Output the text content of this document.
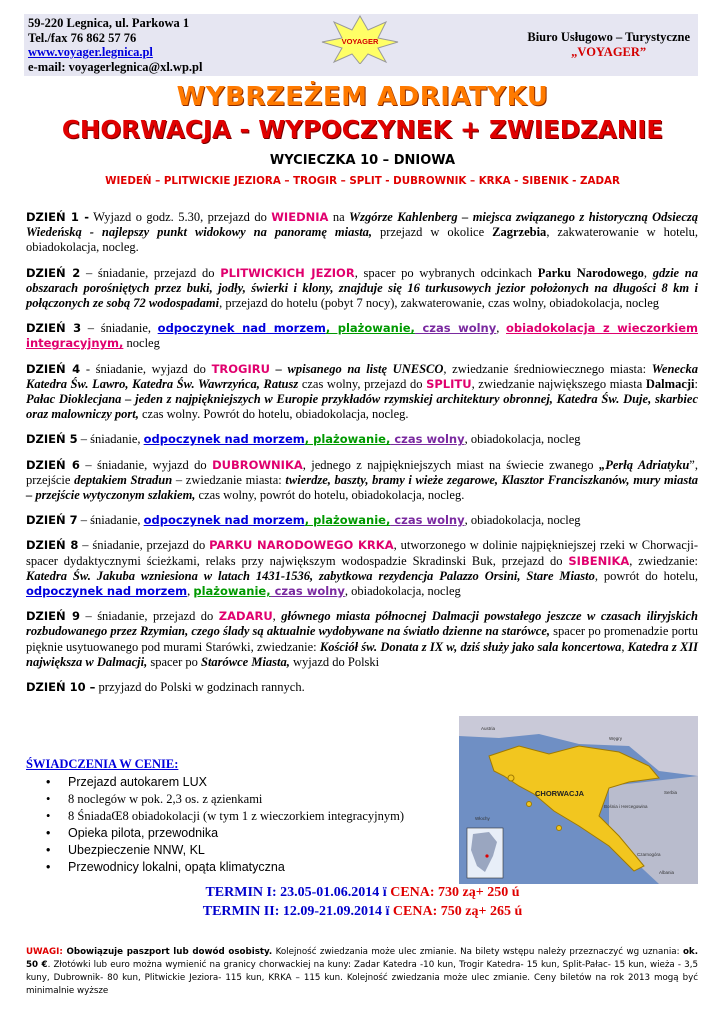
59-220 Legnica, ul. Parkowa 1
Tel./fax 76 862 57 76
www.voyager.legnica.pl
e-mail: voyagerlegnica@xl.wp.pl
Biuro Usługowo – Turystyczne
„VOYAGER”
VOYAGER
WYBRZEŻEM ADRIATYKU
CHORWACJA - WYPOCZYNEK + ZWIEDZANIE
WYCIECZKA 10 – DNIOWA
WIEDEŃ – PLITWICKIE JEZIORA – TROGIR – SPLIT - DUBROWNIK – KRKA - SIBENIK - ZADAR

DZIEŃ 1 - Wyjazd o godz. 5.30, przejazd do WIEDNIA na Wzgórze Kahlenberg – miejsca związanego z historyczną Odsieczą Wiedeńską - najlepszy punkt widokowy na panoramę miasta, przejazd w okolice Zagrzebia, zakwaterowanie w hotelu, obiadokolacja, nocleg.

DZIEŃ 2 – śniadanie, przejazd do PLITWICKICH JEZIOR, spacer po wybranych odcinkach Parku Narodowego, gdzie na obszarach porośniętych przez buki, jodły, świerki i klony, znajduje się 16 turkusowych jezior położonych na długości 8 km i połączonych ze sobą 72 wodospadami, przejazd do hotelu (pobyt 7 nocy), zakwaterowanie, czas wolny, obiadokolacja, nocleg

DZIEŃ 3 – śniadanie, odpoczynek nad morzem, plażowanie, czas wolny, obiadokolacja z wieczorkiem integracyjnym, nocleg

DZIEŃ 4 - śniadanie, wyjazd do TROGIRU – wpisanego na listę UNESCO, zwiedzanie średniowiecznego miasta: Wenecka Katedra Św. Lawro, Katedra Św. Wawrzyńca, Ratusz czas wolny, przejazd do SPLITU, zwiedzanie największego miasta Dalmacji: Pałac Dioklecjana – jeden z najpiękniejszych w Europie przykładów rzymskiej architektury obronnej, Katedra Św. Duje, skarbiec oraz malowniczy port, czas wolny. Powrót do hotelu, obiadokolacja, nocleg.

DZIEŃ 5 – śniadanie, odpoczynek nad morzem, plażowanie, czas wolny, obiadokolacja, nocleg

DZIEŃ 6 – śniadanie, wyjazd do DUBROWNIKA, jednego z najpiękniejszych miast na świecie zwanego „Perłą Adriatyku”, przejście deptakiem Stradun – zwiedzanie miasta: twierdze, baszty, bramy i wieże zegarowe, Klasztor Franciszkanów, mury miasta – przejście wytyczonym szlakiem, czas wolny, powrót do hotelu, obiadokolacja, nocleg.

DZIEŃ 7 – śniadanie, odpoczynek nad morzem, plażowanie, czas wolny, obiadokolacja, nocleg

DZIEŃ 8 – śniadanie, przejazd do PARKU NARODOWEGO KRKA, utworzonego w dolinie najpiękniejszej rzeki w Chorwacji- spacer dydaktycznymi ścieżkami, relaks przy największym wodospadzie Skradinski Buk, przejazd do SIBENIKA, zwiedzanie: Katedra Św. Jakuba wzniesiona w latach 1431-1536, zabytkowa rezydencja Palazzo Orsini, Stare Miasto, powrót do hotelu, odpoczynek nad morzem, plażowanie, czas wolny, obiadokolacja, nocleg

DZIEŃ 9 – śniadanie, przejazd do ZADARU, głównego miasta północnej Dalmacji powstałego jeszcze w czasach iliryjskich rozbudowanego przez Rzymian, czego ślady są aktualnie wydobywane na światło dzienne na starówce, spacer po promenadzie portu pięknie usytuowanego pod murami Starówki, zwiedzanie: Kościół św. Donata z IX w, dziś służy jako sala koncertowa, Katedra z XII największa w Dalmacji, spacer po Starówce Miasta, wyjazd do Polski

DZIEŃ 10 – przyjazd do Polski w godzinach rannych.

CHORWACJA
Austria
Węgry
Serbia
Bośnia i Hercegowina
Włochy
Czarnogóra
Albania
ŚWIADCZENIA W CENIE:
• Przejazd autokarem LUX
• 8 noclegów w pok. 2,3 os. z ązienkami
• 8 ŚniadaŒ8 obiadokolacji (w tym 1 z wieczorkiem integracyjnym)
• Opieka pilota, przewodnika
• Ubezpieczenie NNW, KL
• Przewodnicy lokalni, opąta klimatyczna
TERMIN I: 23.05-01.06.2014 ï CENA: 730 zą+ 250 ú
TERMIN II: 12.09-21.09.2014 ï CENA: 750 zą+ 265 ú
UWAGI: Obowiązuje paszport lub dowód osobisty. Kolejność zwiedzania może ulec zmianie. Na bilety wstępu należy przeznaczyć wg uznania: ok. 50 €. Złotówki lub euro można wymienić na granicy chorwackiej na kuny: Zadar Katedra -10 kun, Trogir Katedra- 15 kun, Split-Pałac- 15 kun, wieża - 3,5 kuny, Dubrownik- 80 kun, Plitwickie Jeziora- 115 kun, KRKA – 115 kun. Kolejność zwiedzania może ulec zmianie. Ceny biletów na rok 2013 mogą być minimalnie wyższe
